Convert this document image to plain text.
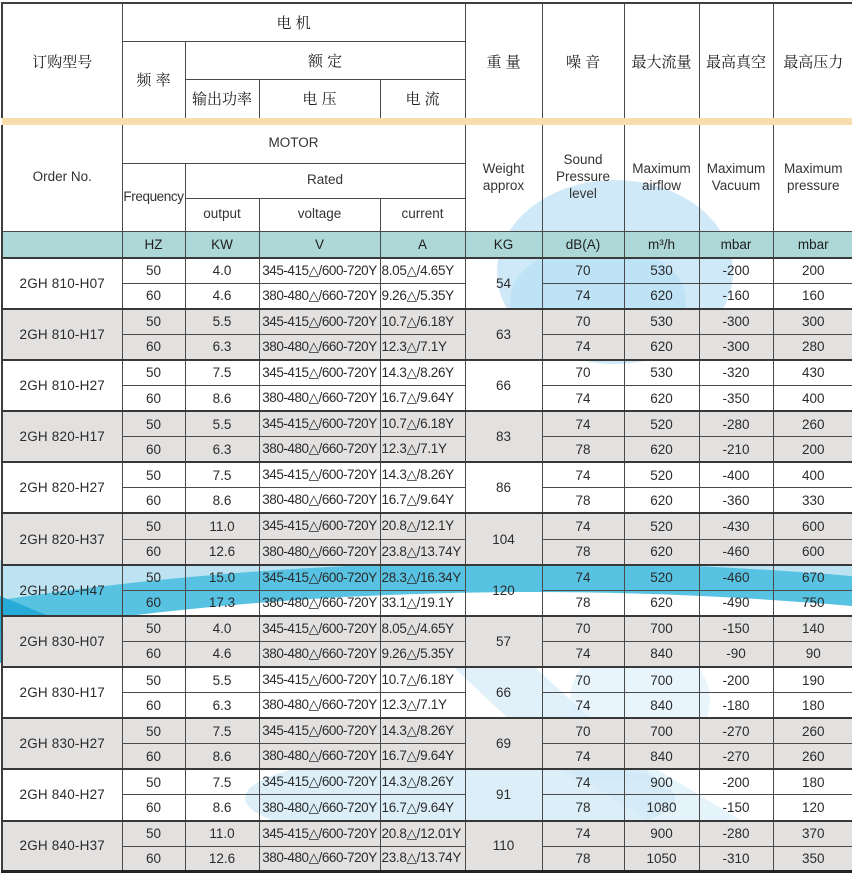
订购型号	电 机				重 量	噪 音	最大流量	最高真空	最高压力
	频 率	额 定							
		输出功率	电 压	电 流					

Order No.	MOTOR				Weight approx	Sound Pressure level	Maximum airflow	Maximum Vacuum	Maximum pressure
	Frequency	Rated							
		output	voltage	current					
	HZ	KW	V	A	KG	dB(A)	m³/h	mbar	mbar
2GH 810-H07	50	4.0	345-415△/600-720Y	8.05△/4.65Y	54	70	530	-200	200
	60	4.6	380-480△/660-720Y	9.26△/5.35Y		74	620	-160	160
2GH 810-H17	50	5.5	345-415△/600-720Y	10.7△/6.18Y	63	70	530	-300	300
	60	6.3	380-480△/660-720Y	12.3△/7.1Y		74	620	-300	280
2GH 810-H27	50	7.5	345-415△/600-720Y	14.3△/8.26Y	66	70	530	-320	430
	60	8.6	380-480△/660-720Y	16.7△/9.64Y		74	620	-350	400
2GH 820-H17	50	5.5	345-415△/600-720Y	10.7△/6.18Y	83	74	520	-280	260
	60	6.3	380-480△/660-720Y	12.3△/7.1Y		78	620	-210	200
2GH 820-H27	50	7.5	345-415△/600-720Y	14.3△/8.26Y	86	74	520	-400	400
	60	8.6	380-480△/660-720Y	16.7△/9.64Y		78	620	-360	330
2GH 820-H37	50	11.0	345-415△/600-720Y	20.8△/12.1Y	104	74	520	-430	600
	60	12.6	380-480△/660-720Y	23.8△/13.74Y		78	620	-460	600
2GH 820-H47	50	15.0	345-415△/600-720Y	28.3△/16.34Y	120	74	520	-460	670
	60	17.3	380-480△/660-720Y	33.1△/19.1Y		78	620	-490	750
2GH 830-H07	50	4.0	345-415△/600-720Y	8.05△/4.65Y	57	70	700	-150	140
	60	4.6	380-480△/660-720Y	9.26△/5.35Y		74	840	-90	90
2GH 830-H17	50	5.5	345-415△/600-720Y	10.7△/6.18Y	66	70	700	-200	190
	60	6.3	380-480△/660-720Y	12.3△/7.1Y		74	840	-180	180
2GH 830-H27	50	7.5	345-415△/600-720Y	14.3△/8.26Y	69	70	700	-270	260
	60	8.6	380-480△/660-720Y	16.7△/9.64Y		74	840	-270	260
2GH 840-H27	50	7.5	345-415△/600-720Y	14.3△/8.26Y	91	74	900	-200	180
	60	8.6	380-480△/660-720Y	16.7△/9.64Y		78	1080	-150	120
2GH 840-H37	50	11.0	345-415△/600-720Y	20.8△/12.01Y	110	74	900	-280	370
	60	12.6	380-480△/660-720Y	23.8△/13.74Y		78	1050	-310	350
